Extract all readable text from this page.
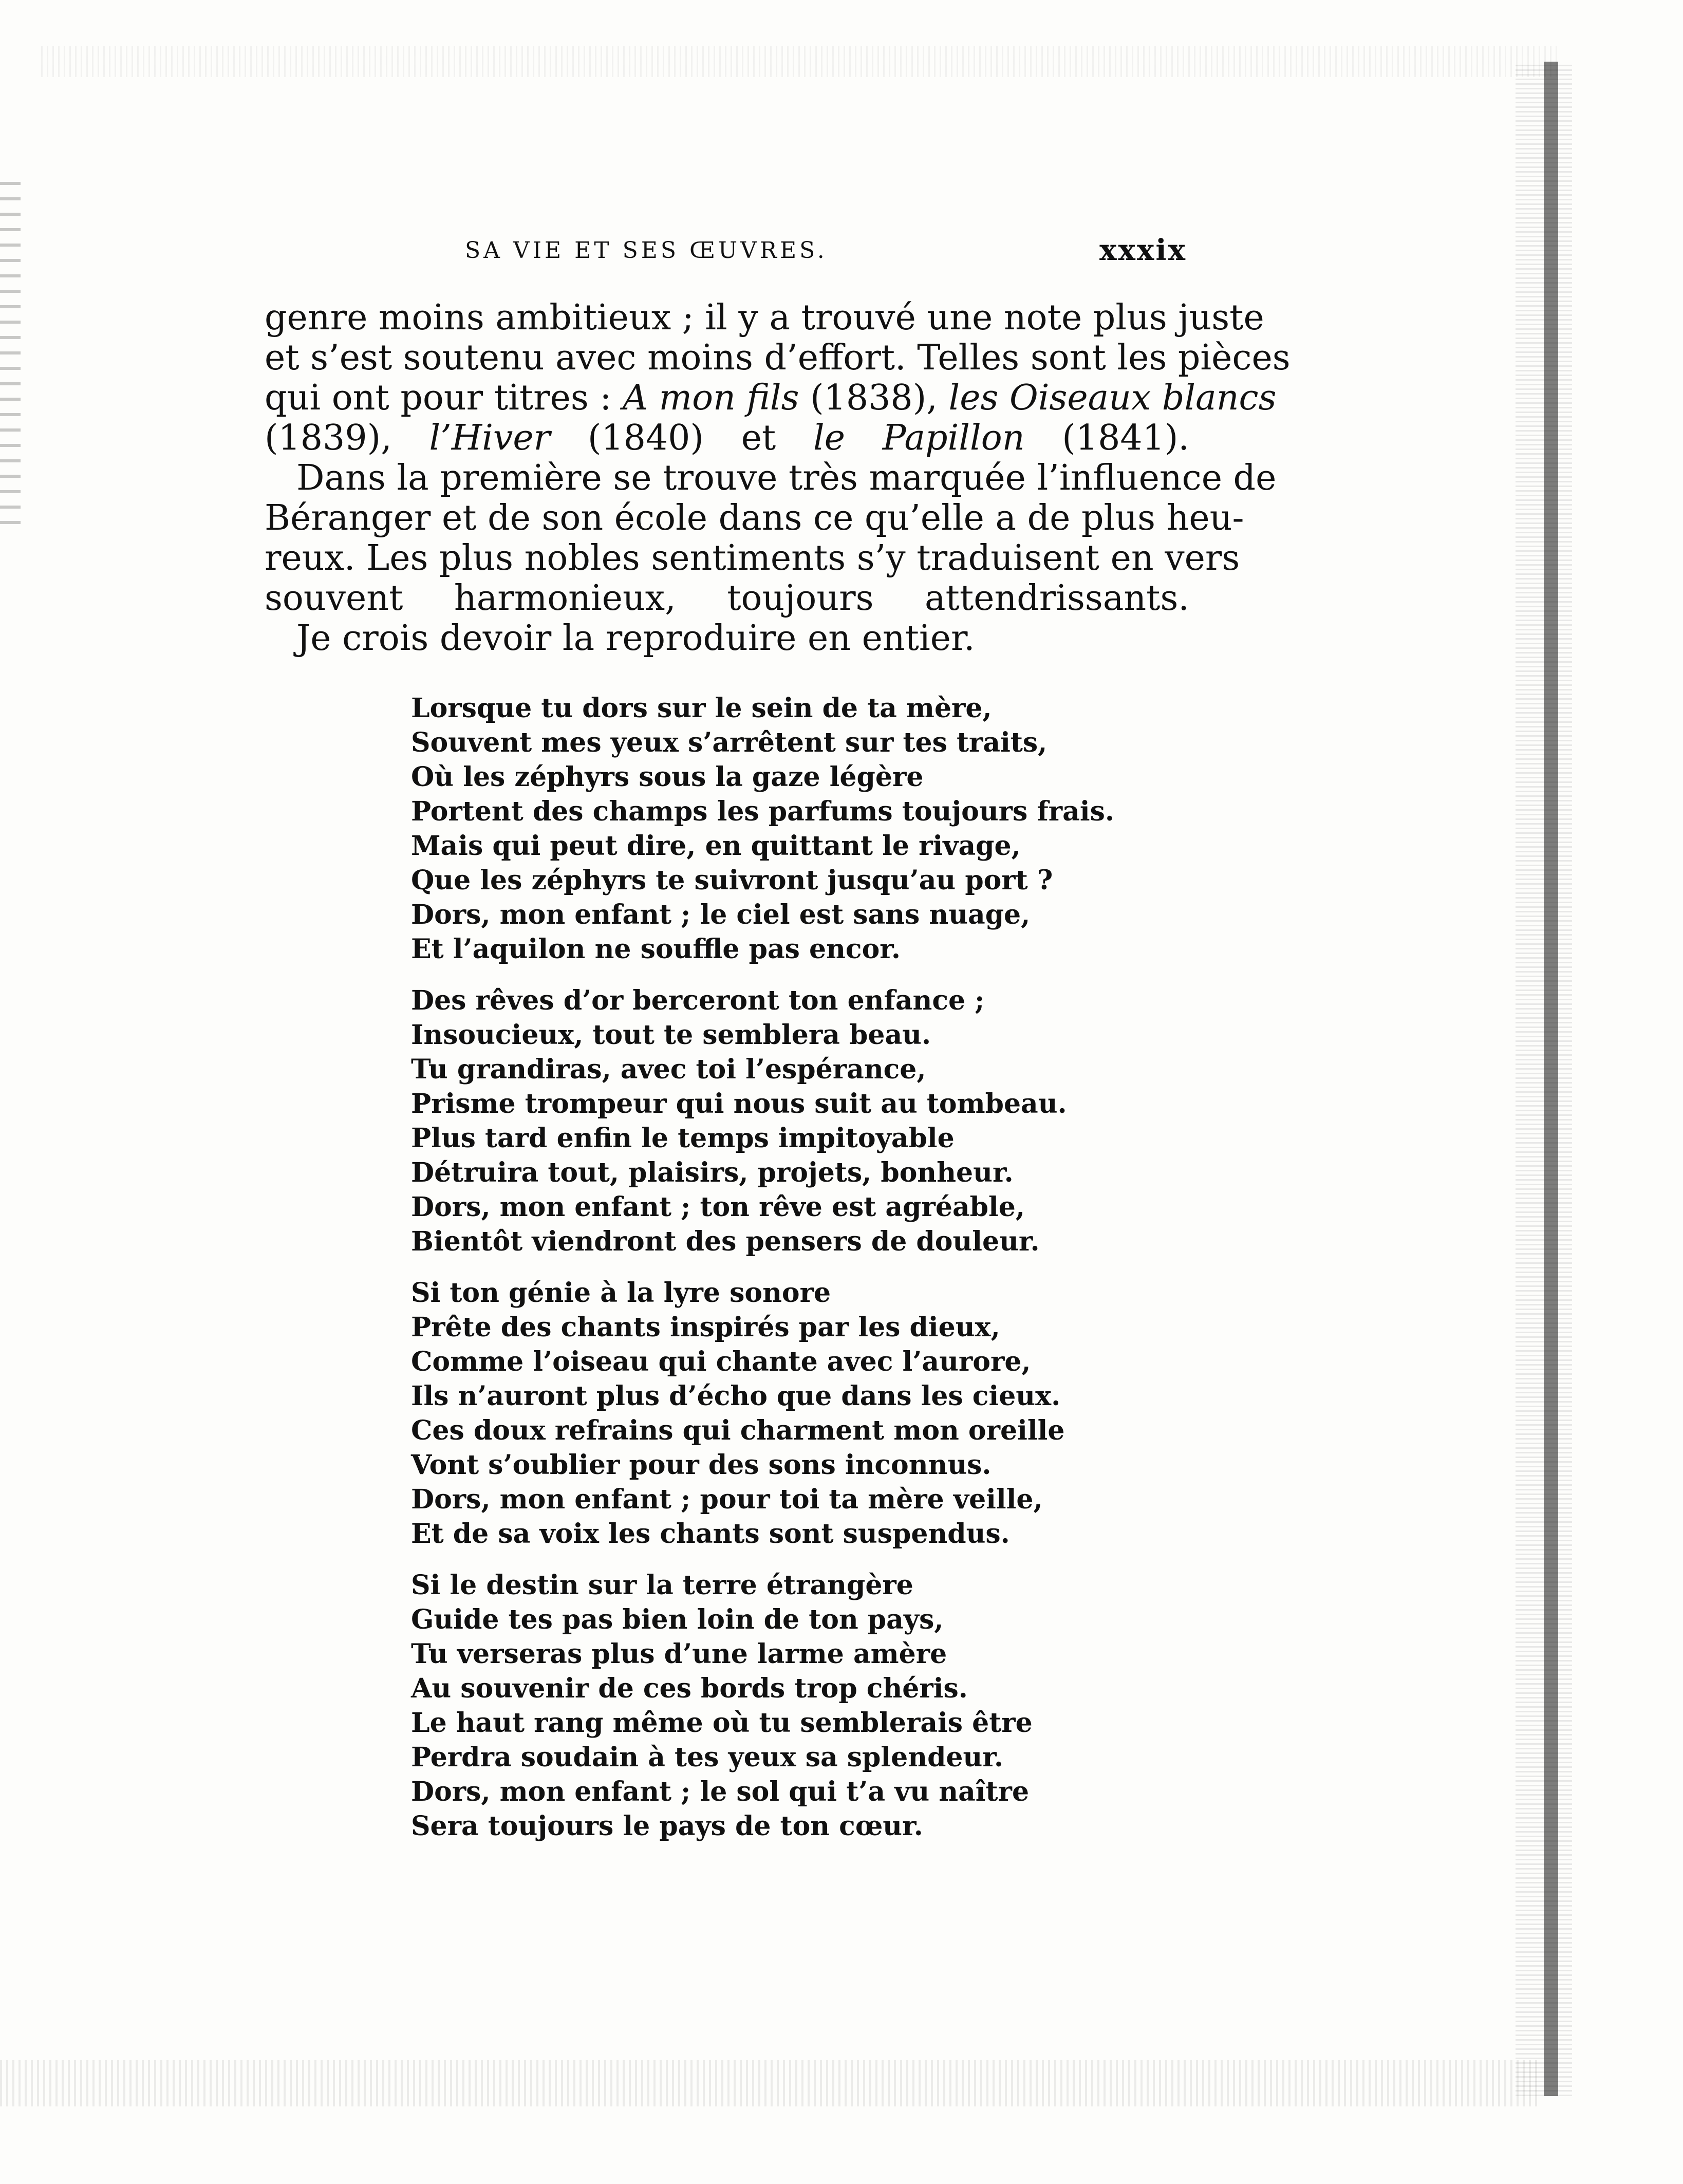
SA VIE ET SES ŒUVRES.	xxxix

genre moins ambitieux ; il y a trouvé une note plus juste
et s’est soutenu avec moins d’effort. Telles sont les pièces
qui ont pour titres : A mon fils (1838), les Oiseaux blancs
(1839), l’Hiver (1840) et le Papillon (1841).

Dans la première se trouve très marquée l’influence de
Béranger et de son école dans ce qu’elle a de plus heu-
reux. Les plus nobles sentiments s’y traduisent en vers
souvent harmonieux, toujours attendrissants.

Je crois devoir la reproduire en entier.

Lorsque tu dors sur le sein de ta mère,
Souvent mes yeux s’arrêtent sur tes traits,
Où les zéphyrs sous la gaze légère
Portent des champs les parfums toujours frais.
Mais qui peut dire, en quittant le rivage,
Que les zéphyrs te suivront jusqu’au port ?
Dors, mon enfant ; le ciel est sans nuage,
Et l’aquilon ne souffle pas encor.
Des rêves d’or berceront ton enfance ;
Insoucieux, tout te semblera beau.
Tu grandiras, avec toi l’espérance,
Prisme trompeur qui nous suit au tombeau.
Plus tard enfin le temps impitoyable
Détruira tout, plaisirs, projets, bonheur.
Dors, mon enfant ; ton rêve est agréable,
Bientôt viendront des pensers de douleur.
Si ton génie à la lyre sonore
Prête des chants inspirés par les dieux,
Comme l’oiseau qui chante avec l’aurore,
Ils n’auront plus d’écho que dans les cieux.
Ces doux refrains qui charment mon oreille
Vont s’oublier pour des sons inconnus.
Dors, mon enfant ; pour toi ta mère veille,
Et de sa voix les chants sont suspendus.
Si le destin sur la terre étrangère
Guide tes pas bien loin de ton pays,
Tu verseras plus d’une larme amère
Au souvenir de ces bords trop chéris.
Le haut rang même où tu semblerais être
Perdra soudain à tes yeux sa splendeur.
Dors, mon enfant ; le sol qui t’a vu naître
Sera toujours le pays de ton cœur.
